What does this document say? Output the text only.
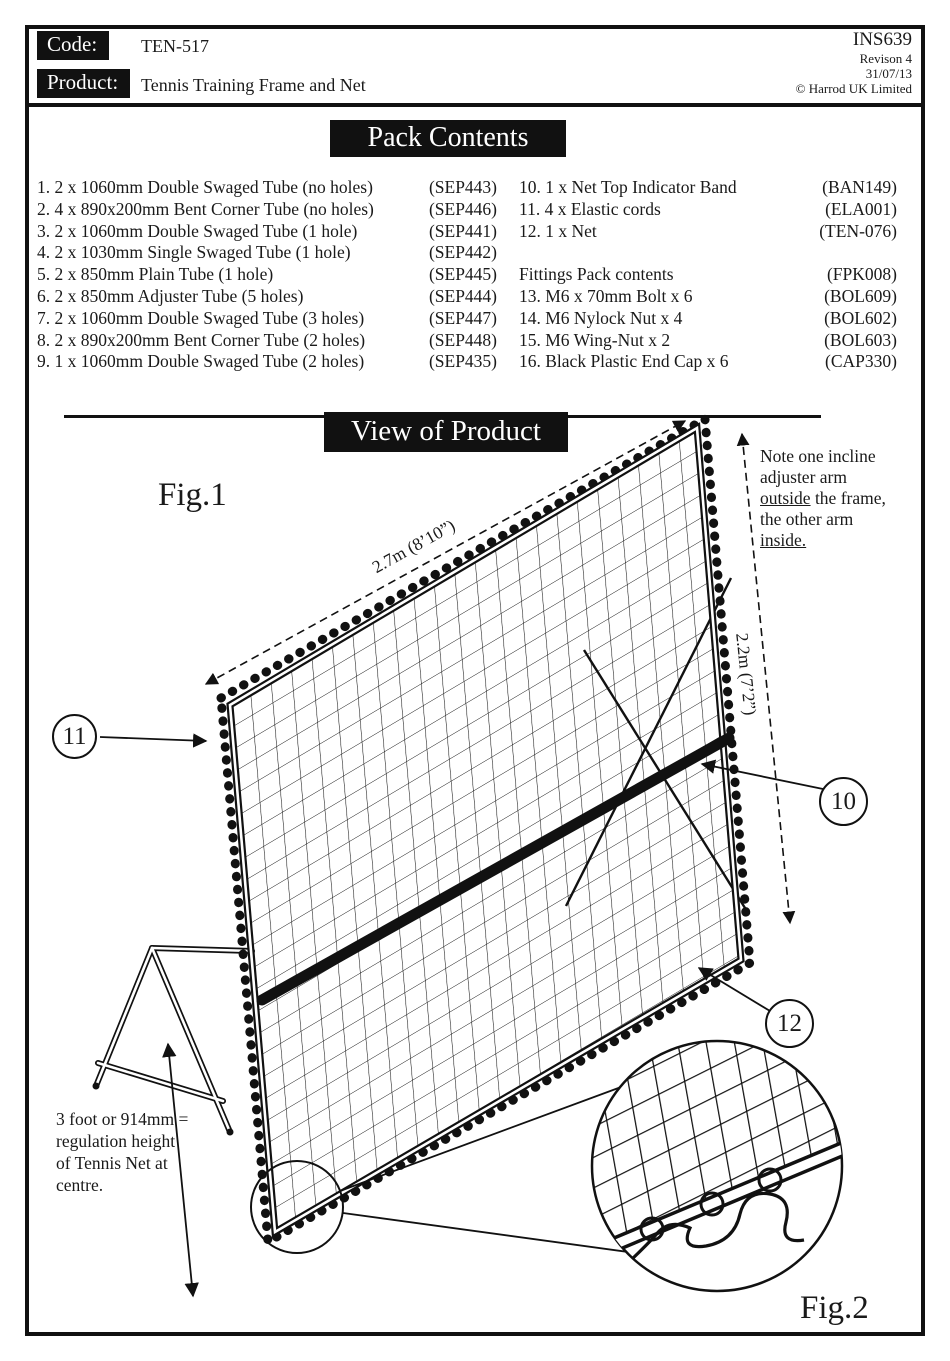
Code:	TEN-517
Product:	Tennis Training Frame and Net
INS639
Revison 4
31/07/13
© Harrod UK Limited
Pack Contents
1. 2 x 1060mm Double Swaged Tube (no holes)	(SEP443)
2. 4 x 890x200mm Bent Corner Tube (no holes)	(SEP446)
3. 2 x 1060mm Double Swaged Tube (1 hole)	(SEP441)
4. 2 x 1030mm Single Swaged Tube (1 hole)	(SEP442)
5. 2 x 850mm Plain Tube (1 hole)	(SEP445)
6. 2 x 850mm Adjuster Tube (5 holes)	(SEP444)
7. 2 x 1060mm Double Swaged Tube (3 holes)	(SEP447)
8. 2 x 890x200mm Bent Corner Tube (2 holes)	(SEP448)
9. 1 x 1060mm Double Swaged Tube (2 holes)	(SEP435)
10. 1 x Net Top Indicator Band	(BAN149)
11. 4 x Elastic cords	(ELA001)
12. 1 x Net	(TEN-076)
Fittings Pack contents	(FPK008)
13. M6 x 70mm Bolt x 6	(BOL609)
14. M6 Nylock Nut x 4	(BOL602)
15. M6 Wing-Nut x 2	(BOL603)
16. Black Plastic End Cap x 6	(CAP330)
View of Product
Fig.1
2.7m (8’10”)
2.2m (7’2”)
Note one incline adjuster arm outside the frame, the other arm inside.
11
10
12
3 foot or 914mm = regulation height of Tennis Net at centre.
Fig.2
